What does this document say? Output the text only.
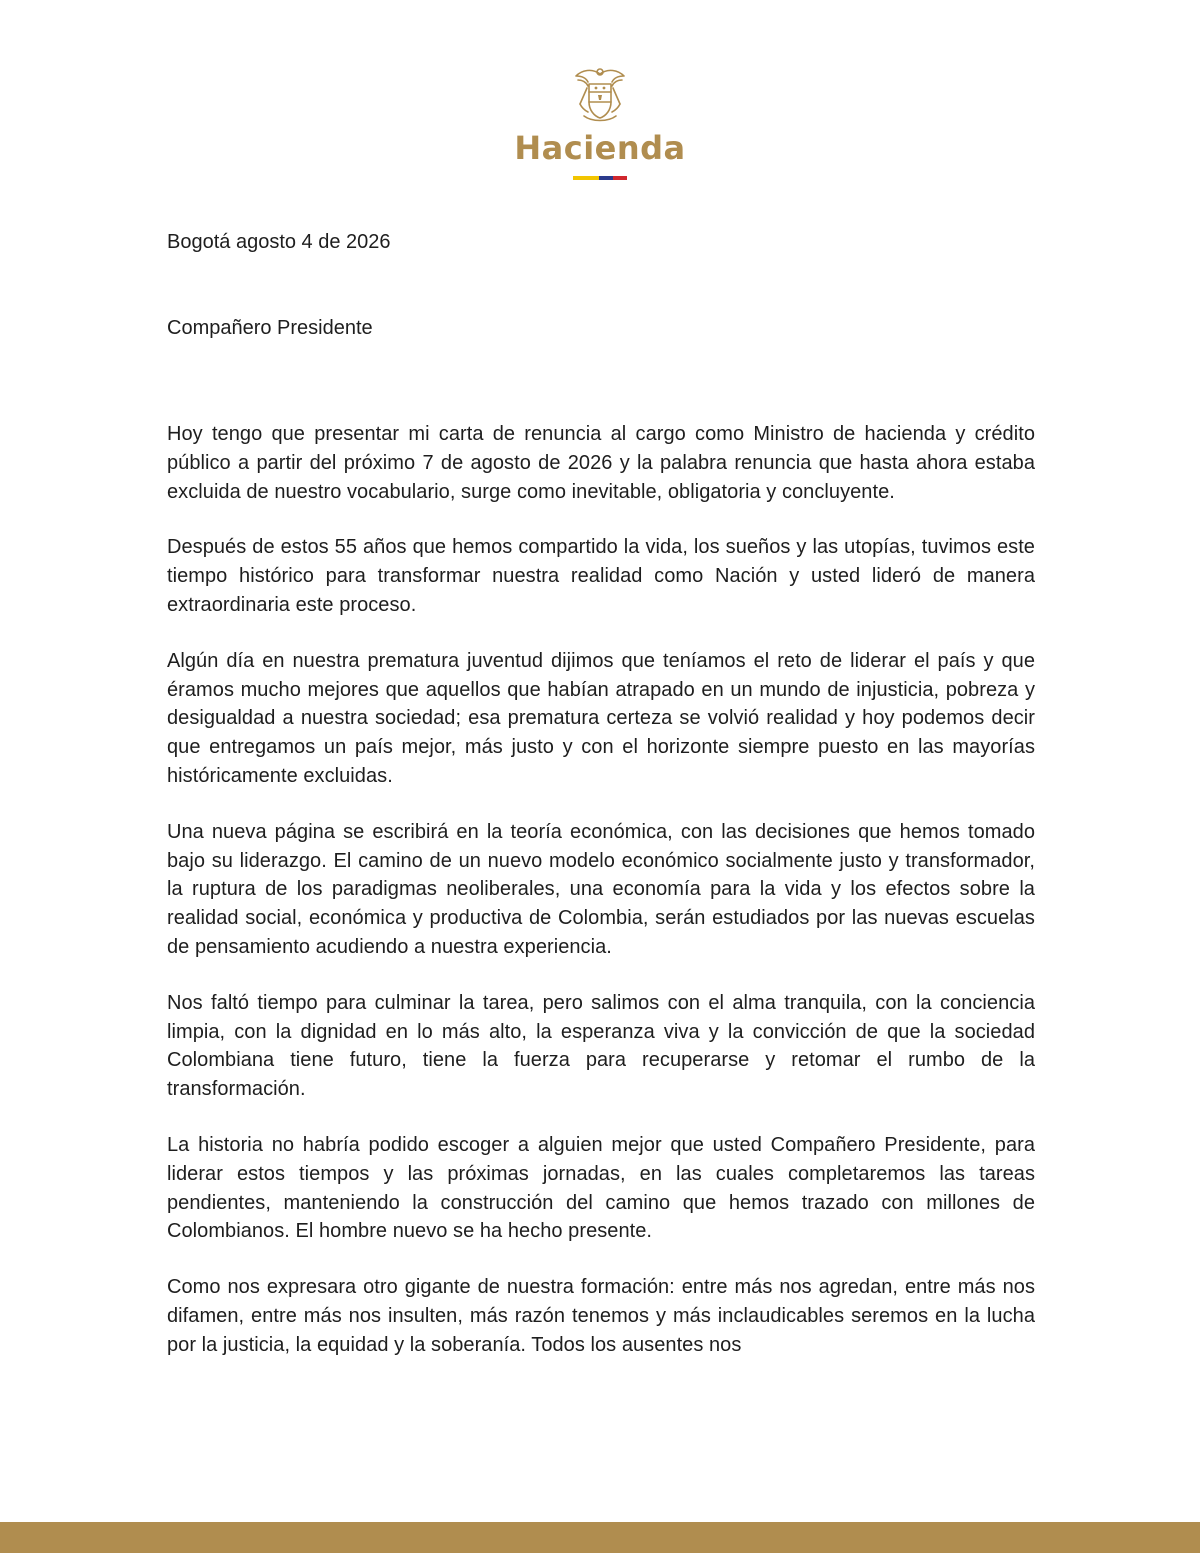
Hacienda

Bogotá agosto 4 de 2026

Compañero Presidente

Hoy tengo que presentar mi carta de renuncia al cargo como Ministro de hacienda y crédito público a partir del próximo 7 de agosto de 2026 y la palabra renuncia que hasta ahora estaba excluida de nuestro vocabulario, surge como inevitable, obligatoria y concluyente.

Después de estos 55 años que hemos compartido la vida, los sueños y las utopías, tuvimos este tiempo histórico para transformar nuestra realidad como Nación y usted lideró de manera extraordinaria este proceso.

Algún día en nuestra prematura juventud dijimos que teníamos el reto de liderar el país y que éramos mucho mejores que aquellos que habían atrapado en un mundo de injusticia, pobreza y desigualdad a nuestra sociedad; esa prematura certeza se volvió realidad y hoy podemos decir que entregamos un país mejor, más justo y con el horizonte siempre puesto en las mayorías históricamente excluidas.

Una nueva página se escribirá en la teoría económica, con las decisiones que hemos tomado bajo su liderazgo. El camino de un nuevo modelo económico socialmente justo y transformador, la ruptura de los paradigmas neoliberales, una economía para la vida y los efectos sobre la realidad social, económica y productiva de Colombia, serán estudiados por las nuevas escuelas de pensamiento acudiendo a nuestra experiencia.

Nos faltó tiempo para culminar la tarea, pero salimos con el alma tranquila, con la conciencia limpia, con la dignidad en lo más alto, la esperanza viva y la convicción de que la sociedad Colombiana tiene futuro, tiene la fuerza para recuperarse y retomar el rumbo de la transformación.

La historia no habría podido escoger a alguien mejor que usted Compañero Presidente, para liderar estos tiempos y las próximas jornadas, en las cuales completaremos las tareas pendientes, manteniendo la construcción del camino que hemos trazado con millones de Colombianos. El hombre nuevo se ha hecho presente.

Como nos expresara otro gigante de nuestra formación: entre más nos agredan, entre más nos difamen, entre más nos insulten, más razón tenemos y más inclaudicables seremos en la lucha por la justicia, la equidad y la soberanía. Todos los ausentes nos
